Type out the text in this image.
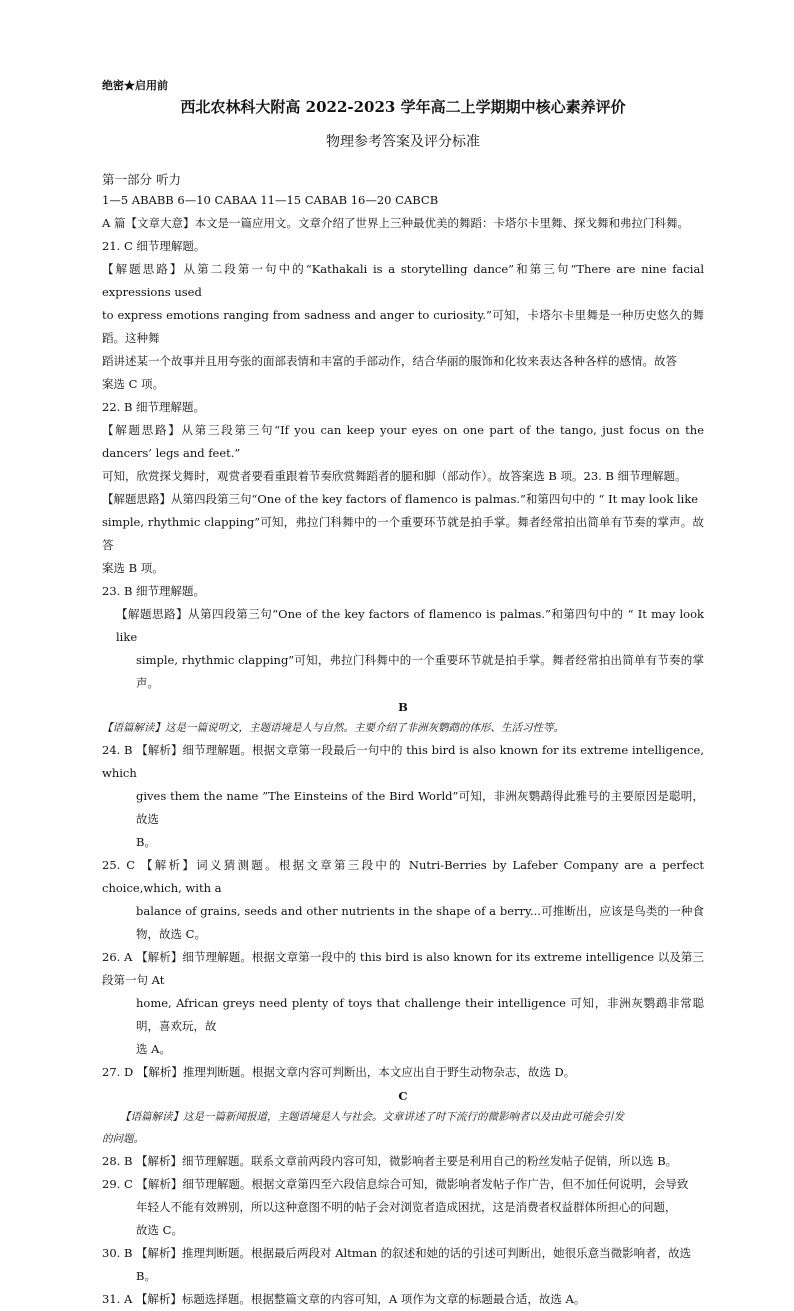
绝密★启用前

西北农林科大附高 2022-2023 学年高二上学期期中核心素养评价

物理参考答案及评分标准

第一部分 听力

1—5 ABABB 6—10 CABAA 11—15 CABAB 16—20 CABCB

A 篇【文章大意】本文是一篇应用文。文章介绍了世界上三种最优美的舞蹈：卡塔尔卡里舞、探戈舞和弗拉门科舞。

21. C 细节理解题。

【解题思路】从第二段第一句中的“Kathakali is a storytelling dance”和第三句“There are nine facial expressions used

to express emotions ranging from sadness and anger to curiosity.”可知，卡塔尔卡里舞是一种历史悠久的舞蹈。这种舞

蹈讲述某一个故事并且用夸张的面部表情和丰富的手部动作，结合华丽的服饰和化妆来表达各种各样的感情。故答

案选 C 项。

22. B 细节理解题。

【解题思路】从第三段第三句“If you can keep your eyes on one part of the tango, just focus on the dancers’ legs and feet.”

可知，欣赏探戈舞时，观赏者要看重跟着节奏欣赏舞蹈者的腿和脚（部动作）。故答案选 B 项。23. B 细节理解题。

【解题思路】从第四段第三句“One of the key factors of flamenco is palmas.”和第四句中的 “ It may look like

simple, rhythmic clapping”可知，弗拉门科舞中的一个重要环节就是拍手掌。舞者经常拍出简单有节奏的掌声。故答

案选 B 项。

23. B 细节理解题。

【解题思路】从第四段第三句“One of the key factors of flamenco is palmas.”和第四句中的 “ It may look like

simple, rhythmic clapping”可知，弗拉门科舞中的一个重要环节就是拍手掌。舞者经常拍出简单有节奏的掌声。

B

【语篇解读】这是一篇说明文，主题语境是人与自然。主要介绍了非洲灰鹦鹉的体形、生活习性等。

24. B 【解析】细节理解题。根据文章第一段最后一句中的 this bird is also known for its extreme intelligence, which

gives them the name ”The Einsteins of the Bird World”可知，非洲灰鹦鹉得此雅号的主要原因是聪明，故选

B。

25. C 【解析】词义猜测题。根据文章第三段中的 Nutri-Berries by Lafeber Company are a perfect choice,which, with a

balance of grains, seeds and other nutrients in the shape of a berry...可推断出，应该是鸟类的一种食物，故选 C。

26. A 【解析】细节理解题。根据文章第一段中的 this bird is also known for its extreme intelligence 以及第三段第一句 At

home, African greys need plenty of toys that challenge their intelligence 可知，非洲灰鹦鹉非常聪明，喜欢玩，故

选 A。

27. D 【解析】推理判断题。根据文章内容可判断出，本文应出自于野生动物杂志，故选 D。

C

【语篇解读】这是一篇新闻报道，主题语境是人与社会。文章讲述了时下流行的微影响者以及由此可能会引发

的问题。

28. B 【解析】细节理解题。联系文章前两段内容可知，微影响者主要是利用自己的粉丝发帖子促销，所以选 B。

29. C 【解析】细节理解题。根据文章第四至六段信息综合可知，微影响者发帖子作广告，但不加任何说明，会导致

年轻人不能有效辨别，所以这种意图不明的帖子会对浏览者造成困扰，这是消费者权益群体所担心的问题，

故选 C。

30. B 【解析】推理判断题。根据最后两段对 Altman 的叙述和她的话的引述可判断出，她很乐意当微影响者，故选

B。

31. A 【解析】标题选择题。根据整篇文章的内容可知，A 项作为文章的标题最合适，故选 A。
